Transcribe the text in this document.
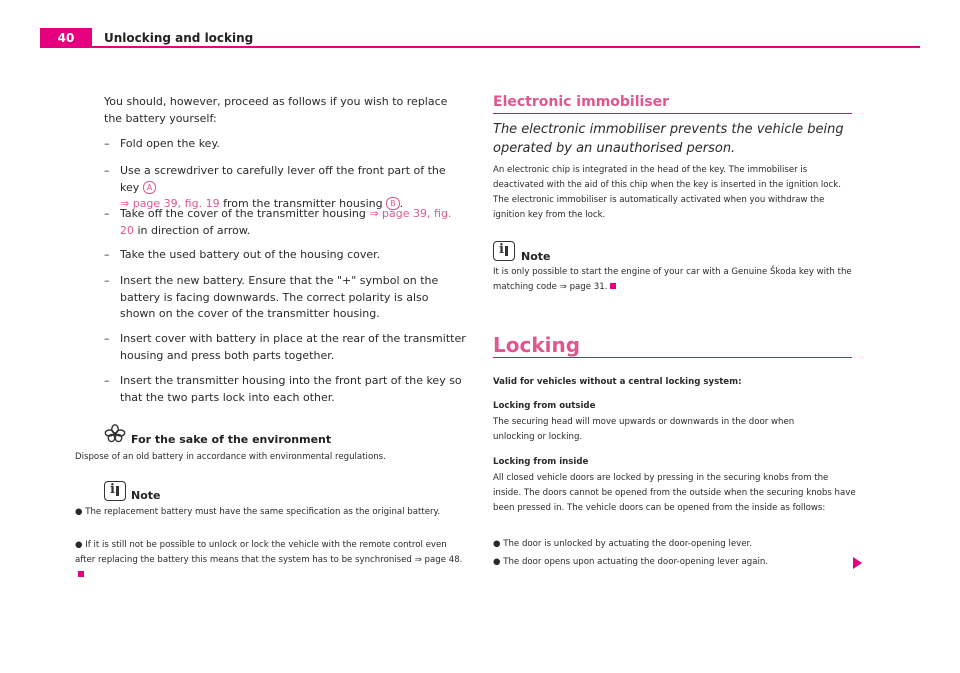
40	Unlocking and locking
You should, however, proceed as follows if you wish to replace the battery yourself:
– Fold open the key.
– Use a screwdriver to carefully lever off the front part of the key A
⇒ page 39, fig. 19 from the transmitter housing B .
– Take off the cover of the transmitter housing ⇒ page 39, fig. 20 in direction of arrow.
– Take the used battery out of the housing cover.
– Insert the new battery. Ensure that the "+" symbol on the battery is facing downwards. The correct polarity is also shown on the cover of the transmitter housing.
– Insert cover with battery in place at the rear of the transmitter housing and press both parts together.
– Insert the transmitter housing into the front part of the key so that the two parts lock into each other.
For the sake of the environment
Dispose of an old battery in accordance with environmental regulations.
i
Note
● The replacement battery must have the same specification as the original battery.
● If it is still not be possible to unlock or lock the vehicle with the remote control even after replacing the battery this means that the system has to be synchronised ⇒ page 48.
Electronic immobiliser
The electronic immobiliser prevents the vehicle being operated by an unauthorised person.
An electronic chip is integrated in the head of the key. The immobiliser is deactivated with the aid of this chip when the key is inserted in the ignition lock. The electronic immobiliser is automatically activated when you withdraw the ignition key from the lock.
i
Note
It is only possible to start the engine of your car with a Genuine Škoda key with the matching code ⇒ page 31.
Locking
Valid for vehicles without a central locking system:
Locking from outside
The securing head will move upwards or downwards in the door when unlocking or locking.
Locking from inside
All closed vehicle doors are locked by pressing in the securing knobs from the inside. The doors cannot be opened from the outside when the securing knobs have been pressed in. The vehicle doors can be opened from the inside as follows:
● The door is unlocked by actuating the door-opening lever.
● The door opens upon actuating the door-opening lever again.
